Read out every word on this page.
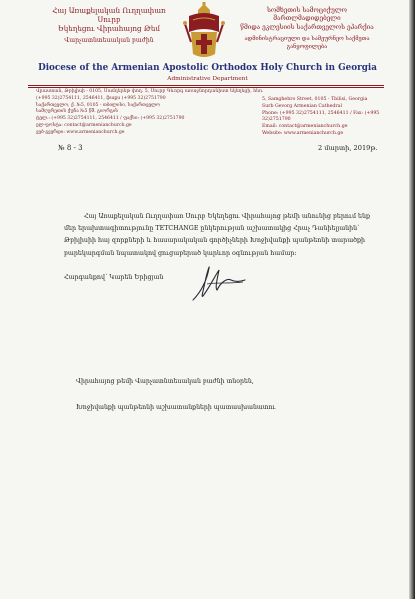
Հայ Առաքելական Ուղղափառ Սուրբ
Եկեղեցու Վիրահայոց Թեմ
Վարչատնտեսական բաժին
სომხეთის სამოციქულო მართლმადიდებელი
წმიდა ეკლესიის საქართველოს ეპარქია
ადმინისტრაციული და სამეურნეო საქმეთა განყოფილება
Diocese of the Armenian Apostolic Orthodox Holy Church in Georgia
Administrative Department
Վրաստան, Թբիլիսի - 0105, Սամղերեթ փող. 5, Սուրբ Գևորգ առաջնորդանիստ եկեղեցի, հեռ. (+995 32)2754111, 2546411, ֆաքս (+995 32)2751790
საქართველო, ქ. №5, 0105 - თბილისი, საქართველო
სამღერეთის ქუჩა №5 წმ. გიორგის
ტელ.: (+995 32)2754111, 2546411 / ფაქსი: (+995 32)2751790
ელ-ფოსტა: contact@armenianchurch.ge
ვებ-გვერდი: www.armenianchurch.ge
5, Samghebro Street, 0105 - Tbilisi, Georgia
Surb Gevorg Armenian Cathedral
Phone: (+995 32)2754111, 2546411 / Fax: (+995 32)2751790
Email: contact@armenianchurch.ge
Website: www.armenianchurch.ge
№ 8 - 3	2 մարտի, 2019թ.

Հայ Առաքելական Ուղղափառ Սուրբ Եկեղեցու Վիրահայոց թեմի անունից բերում ենք

մեր երախտագիտությունը TETCHANGE ընկերության աշխատակից Հրաչ Դանիելյանին՝
Թբիլիսիի հայ զորքների և հասարակական գործիչների Խոջիվանքի պանթեոնի տարածքի
բարեկարգման նպատակով ցուցաբերած կարևոր օգնության համար:
Հարգանքով՝ Կարեն Երիցյան
Վիրահայոց թեմի Վարչատնտեսական բաժնի տնօրեն,
Խոջիվանքի պանթեոնի աշխատանքների պատասխանատու
